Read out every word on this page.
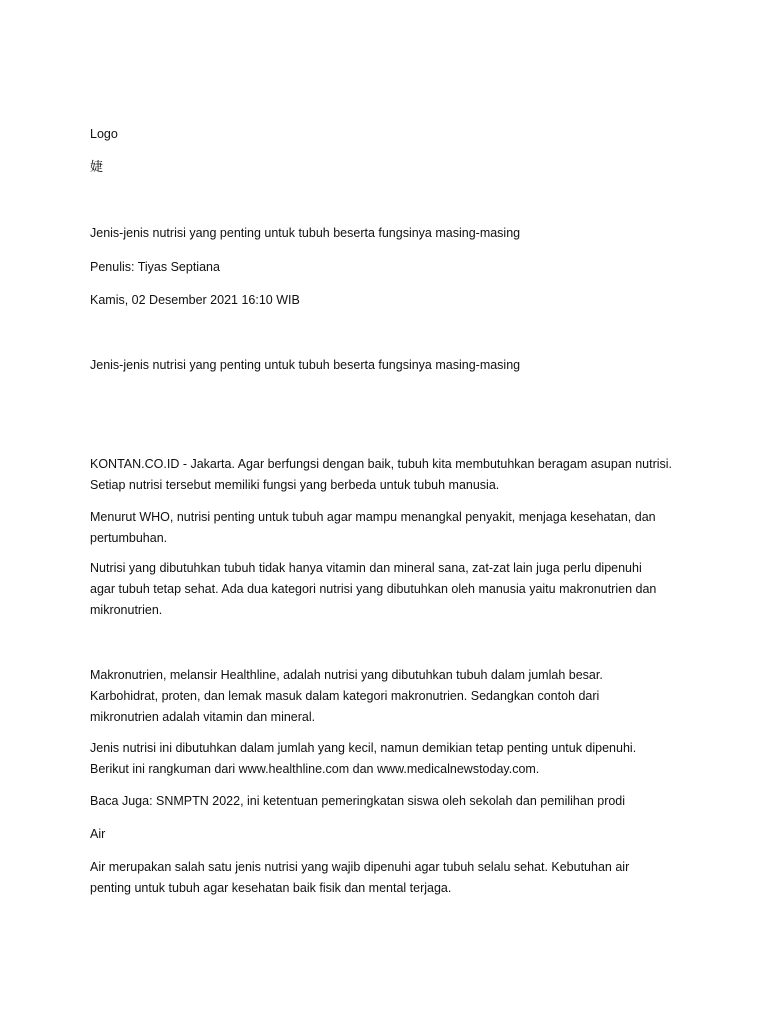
Logo
婕
Jenis-jenis nutrisi yang penting untuk tubuh beserta fungsinya masing-masing
Penulis: Tiyas Septiana
Kamis, 02 Desember 2021 16:10 WIB
Jenis-jenis nutrisi yang penting untuk tubuh beserta fungsinya masing-masing
KONTAN.CO.ID - Jakarta. Agar berfungsi dengan baik, tubuh kita membutuhkan beragam asupan nutrisi.
Setiap nutrisi tersebut memiliki fungsi yang berbeda untuk tubuh manusia.
Menurut WHO, nutrisi penting untuk tubuh agar mampu menangkal penyakit, menjaga kesehatan, dan
pertumbuhan.
Nutrisi yang dibutuhkan tubuh tidak hanya vitamin dan mineral sana, zat-zat lain juga perlu dipenuhi
agar tubuh tetap sehat. Ada dua kategori nutrisi yang dibutuhkan oleh manusia yaitu makronutrien dan
mikronutrien.
Makronutrien, melansir Healthline, adalah nutrisi yang dibutuhkan tubuh dalam jumlah besar.
Karbohidrat, proten, dan lemak masuk dalam kategori makronutrien. Sedangkan contoh dari
mikronutrien adalah vitamin dan mineral.
Jenis nutrisi ini dibutuhkan dalam jumlah yang kecil, namun demikian tetap penting untuk dipenuhi.
Berikut ini rangkuman dari www.healthline.com dan www.medicalnewstoday.com.
Baca Juga: SNMPTN 2022, ini ketentuan pemeringkatan siswa oleh sekolah dan pemilihan prodi
Air
Air merupakan salah satu jenis nutrisi yang wajib dipenuhi agar tubuh selalu sehat. Kebutuhan air
penting untuk tubuh agar kesehatan baik fisik dan mental terjaga.
